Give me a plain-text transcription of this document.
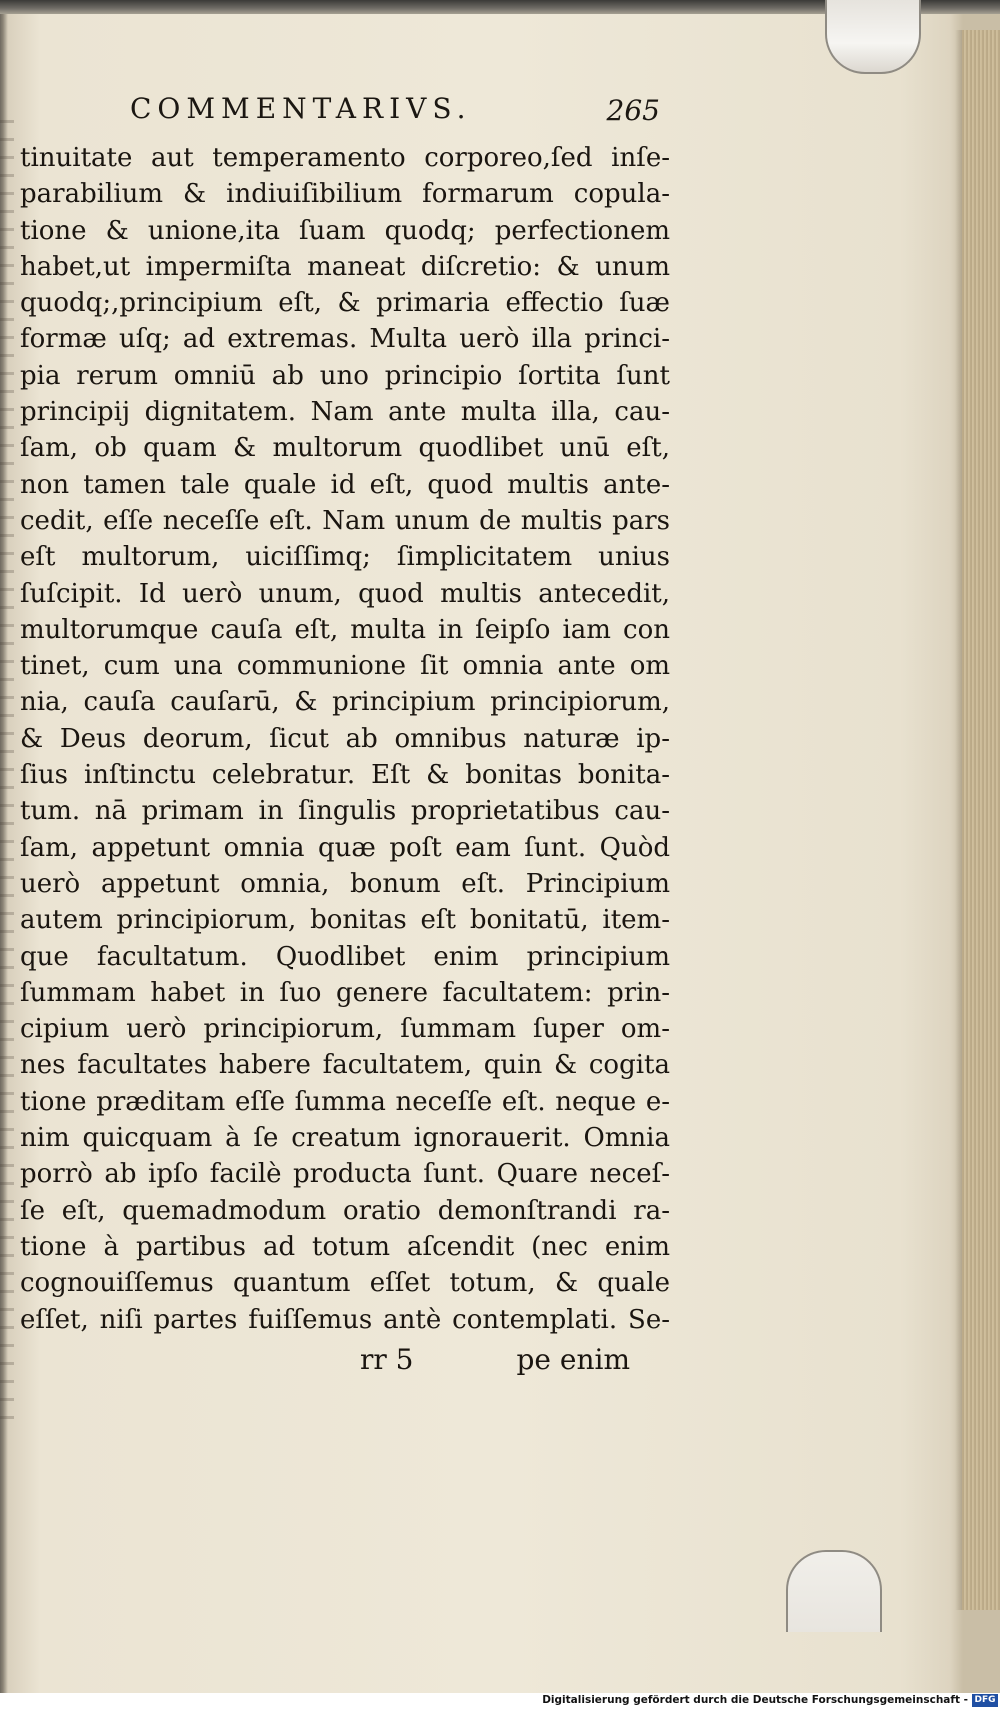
COMMENTARIVS.	265
tinuitate aut temperamento corporeo,ſed inſe-
parabilium & indiuiſibilium formarum copula-
tione & unione,ita ſuam quodq; perfectionem
habet,ut impermiſta maneat diſcretio: & unum
quodq;,principium eſt, & primaria effectio ſuæ
formæ uſq; ad extremas. Multa uerò illa princi-
pia rerum omniū ab uno principio ſortita ſunt
principij dignitatem. Nam ante multa illa, cau-
ſam, ob quam & multorum quodlibet unū eſt,
non tamen tale quale id eſt, quod multis ante-
cedit, eſſe neceſſe eſt. Nam unum de multis pars
eſt multorum, uiciſſimq; ſimplicitatem unius
ſuſcipit. Id uerò unum, quod multis antecedit,
multorumque cauſa eſt, multa in ſeipſo iam con
tinet, cum una communione ſit omnia ante om
nia, cauſa cauſarū, & principium principiorum,
& Deus deorum, ſicut ab omnibus naturæ ip-
ſius inſtinctu celebratur. Eſt & bonitas bonita-
tum. nā primam in ſingulis proprietatibus cau-
ſam, appetunt omnia quæ poſt eam ſunt. Quòd
uerò appetunt omnia, bonum eſt. Principium
autem principiorum, bonitas eſt bonitatū, item-
que facultatum. Quodlibet enim principium
ſummam habet in ſuo genere facultatem: prin-
cipium uerò principiorum, ſummam ſuper om-
nes facultates habere facultatem, quin & cogita
tione præditam eſſe ſumma neceſſe eſt. neque e-
nim quicquam à ſe creatum ignorauerit. Omnia
porrò ab ipſo facilè producta ſunt. Quare neceſ-
ſe eſt, quemadmodum oratio demonſtrandi ra-
tione à partibus ad totum aſcendit (nec enim
cognouiſſemus quantum eſſet totum, & quale
eſſet, niſi partes fuiſſemus antè contemplati. Se-
rr 5	pe enim
Digitalisierung gefördert durch die Deutsche Forschungsgemeinschaft - DFG
